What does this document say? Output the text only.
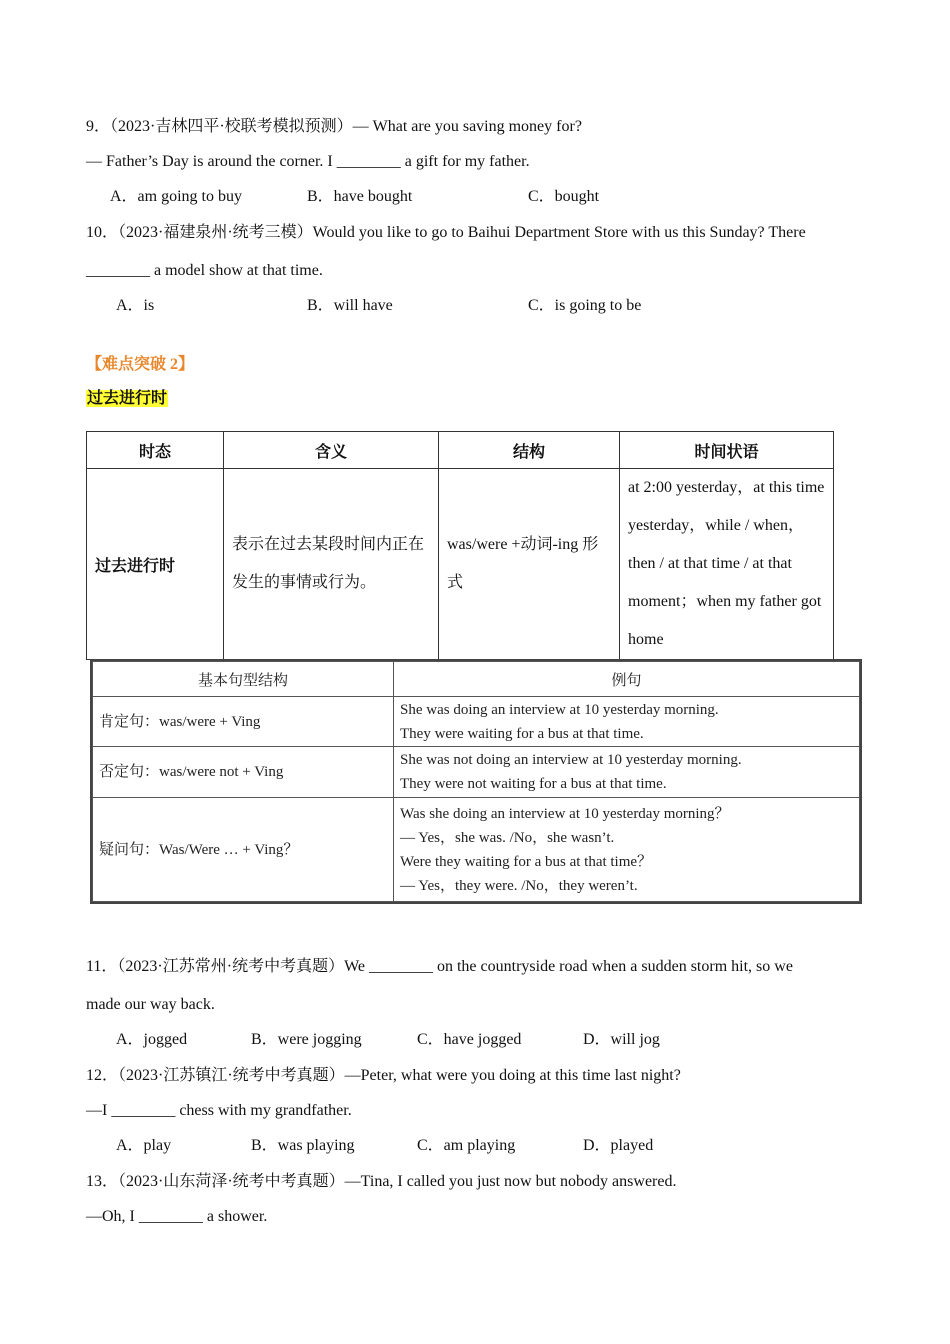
9．（2023·吉林四平·校联考模拟预测）— What are you saving money for?
— Father’s Day is around the corner. I ________ a gift for my father.
A．am going to buy	B．have bought	C．bought
10．（2023·福建泉州·统考三模）Would you like to go to Baihui Department Store with us this Sunday? There
________ a model show at that time.
A．is	B．will have	C．is going to be
【难点突破 2】
过去进行时
时态	含义	结构	时间状语
过去进行时	表示在过去某段时间内正在发生的事情或行为。	was/were +动词-ing 形式	at 2:00 yesterday，at this time yesterday，while / when，then / at that time / at that moment；when my father got home
基本句型结构	例句
肯定句：was/were + Ving	She was doing an interview at 10 yesterday morning.
They were waiting for a bus at that time.

否定句：was/were not + Ving	She was not doing an interview at 10 yesterday morning.
They were not waiting for a bus at that time.

疑问句：Was/Were … + Ving？	Was she doing an interview at 10 yesterday morning？
— Yes，she was. /No，she wasn’t.
Were they waiting for a bus at that time？
— Yes，they were. /No，they weren’t.
11．（2023·江苏常州·统考中考真题）We ________ on the countryside road when a sudden storm hit, so we
made our way back.
A．jogged	B．were jogging	C．have jogged	D．will jog
12．（2023·江苏镇江·统考中考真题）—Peter, what were you doing at this time last night?
—I ________ chess with my grandfather.
A．play	B．was playing	C．am playing	D．played
13．（2023·山东菏泽·统考中考真题）—Tina, I called you just now but nobody answered.
—Oh, I ________ a shower.
